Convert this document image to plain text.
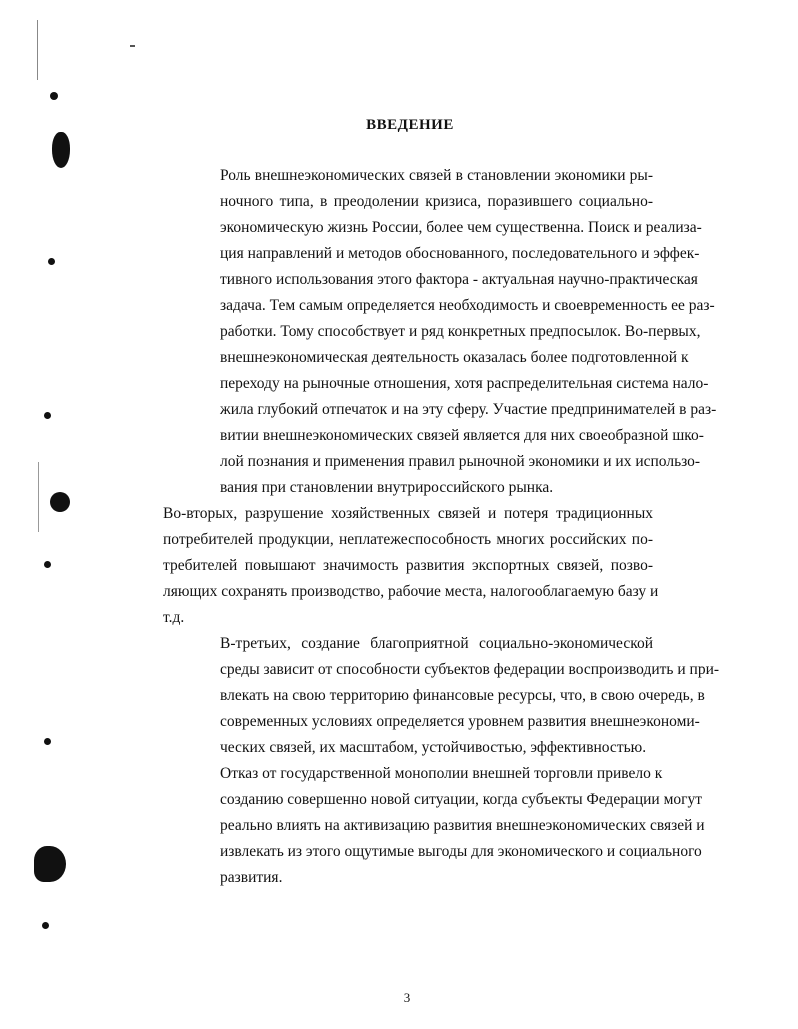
ВВЕДЕНИЕ

Роль внешнеэкономических связей в становлении экономики ры-
ночного типа, в преодолении кризиса, поразившего социально-
экономическую жизнь России, более чем существенна. Поиск и реализа-
ция направлений и методов обоснованного, последовательного и эффек-
тивного использования этого фактора - актуальная научно-практическая
задача. Тем самым определяется необходимость и своевременность ее раз-
работки. Тому способствует и ряд конкретных предпосылок. Во-первых,
внешнеэкономическая деятельность оказалась более подготовленной к
переходу на рыночные отношения, хотя распределительная система нало-
жила глубокий отпечаток и на эту сферу. Участие предпринимателей в раз-
витии внешнеэкономических связей является для них своеобразной шко-
лой познания и применения правил рыночной экономики и их использо-
вания при становлении внутрироссийского рынка.

Во-вторых, разрушение хозяйственных связей и потеря традиционных
потребителей продукции, неплатежеспособность многих российских по-
требителей повышают значимость развития экспортных связей, позво-
ляющих сохранять производство, рабочие места, налогооблагаемую базу и
т.д.

В-третьих, создание благоприятной социально-экономической
среды зависит от способности субъектов федерации воспроизводить и при-
влекать на свою территорию финансовые ресурсы, что, в свою очередь, в
современных условиях определяется уровнем развития внешнеэкономи-
ческих связей, их масштабом, устойчивостью, эффективностью.

Отказ от государственной монополии внешней торговли привело к
созданию совершенно новой ситуации, когда субъекты Федерации могут
реально влиять на активизацию развития внешнеэкономических связей и
извлекать из этого ощутимые выгоды для экономического и социального
развития.

3
